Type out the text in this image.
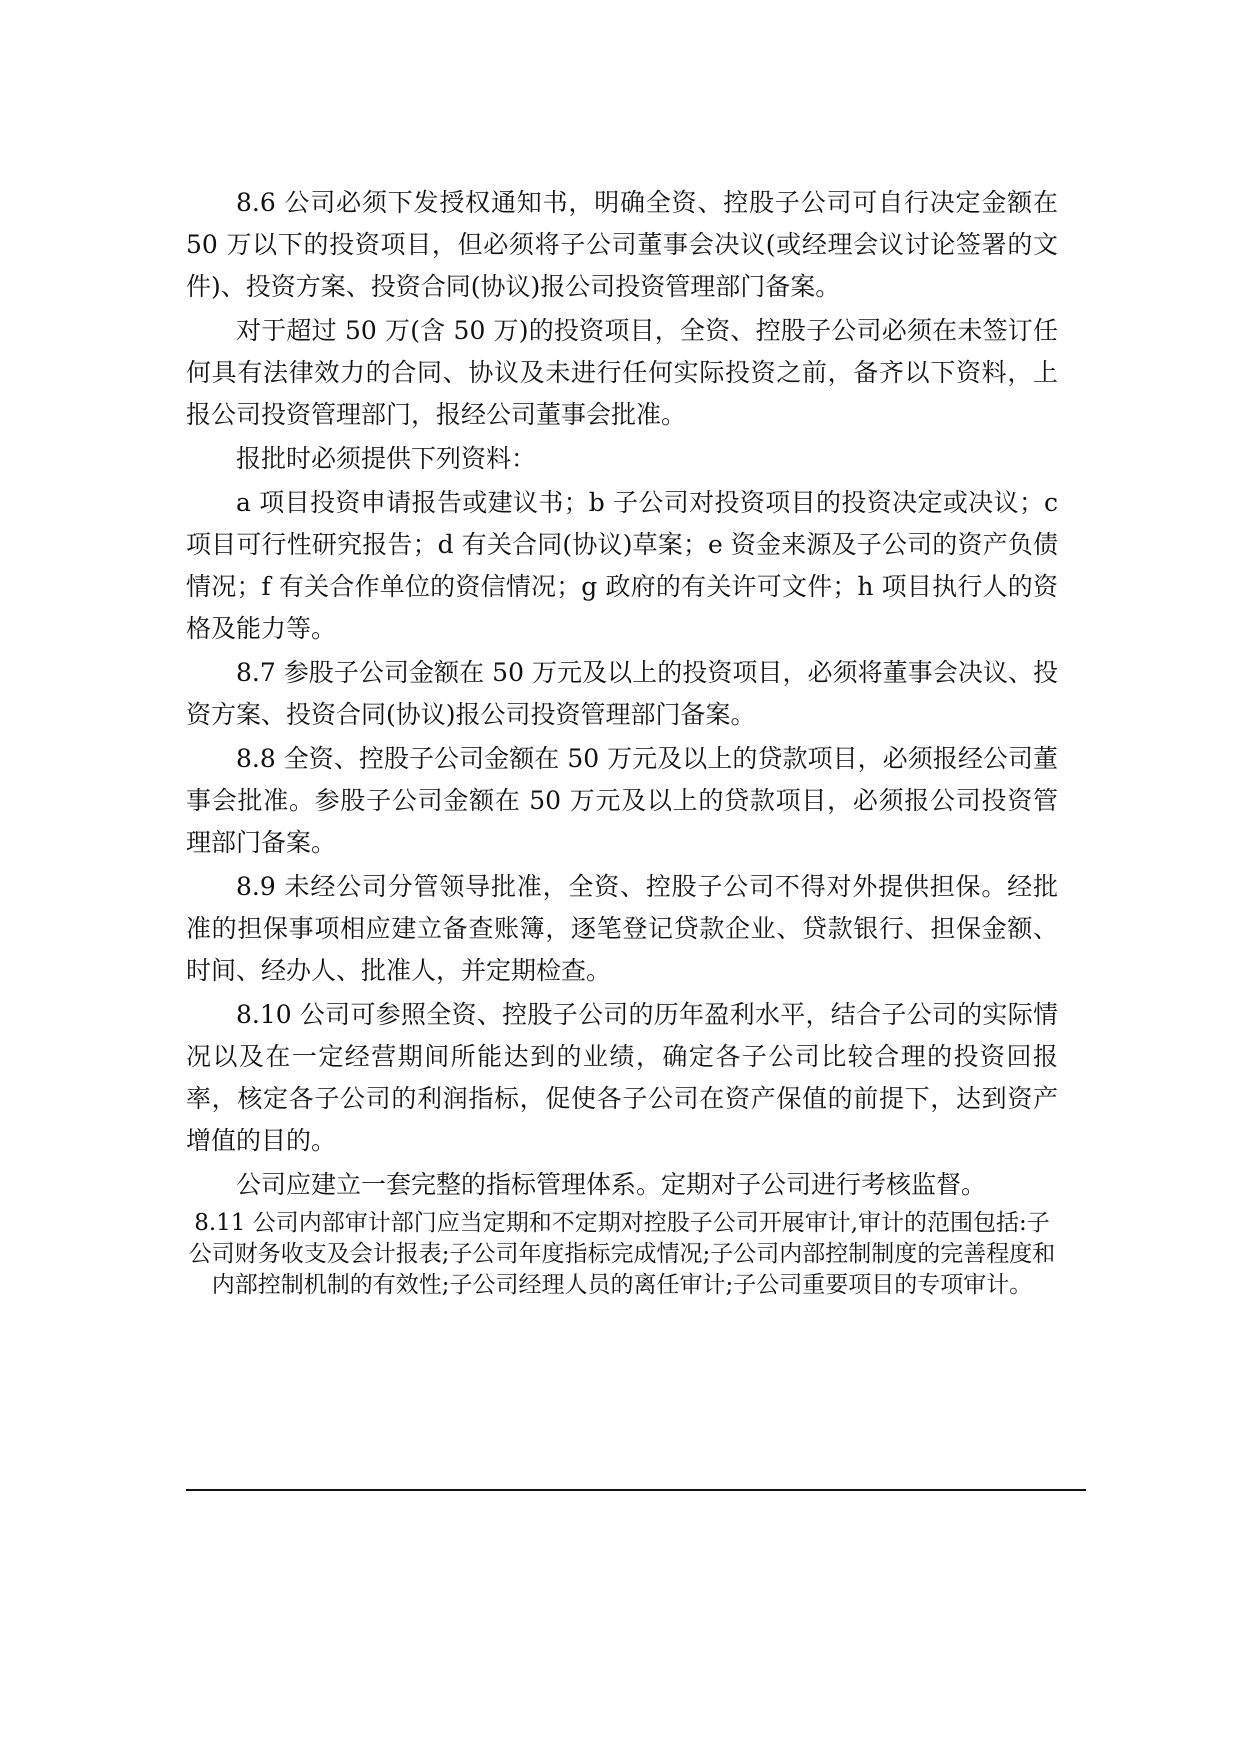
8.6 公司必须下发授权通知书，明确全资、控股子公司可自行决定金额在 50 万以下的投资项目，但必须将子公司董事会决议(或经理会议讨论签署的文件)、投资方案、投资合同(协议)报公司投资管理部门备案。

对于超过 50 万(含 50 万)的投资项目，全资、控股子公司必须在未签订任何具有法律效力的合同、协议及未进行任何实际投资之前，备齐以下资料，上报公司投资管理部门，报经公司董事会批准。

报批时必须提供下列资料：

a 项目投资申请报告或建议书；b 子公司对投资项目的投资决定或决议；c 项目可行性研究报告；d 有关合同(协议)草案；e 资金来源及子公司的资产负债情况；f 有关合作单位的资信情况；g 政府的有关许可文件；h 项目执行人的资格及能力等。

8.7 参股子公司金额在 50 万元及以上的投资项目，必须将董事会决议、投资方案、投资合同(协议)报公司投资管理部门备案。

8.8 全资、控股子公司金额在 50 万元及以上的贷款项目，必须报经公司董事会批准。参股子公司金额在 50 万元及以上的贷款项目，必须报公司投资管理部门备案。

8.9 未经公司分管领导批准，全资、控股子公司不得对外提供担保。经批准的担保事项相应建立备查账簿，逐笔登记贷款企业、贷款银行、担保金额、时间、经办人、批准人，并定期检查。

8.10 公司可参照全资、控股子公司的历年盈利水平，结合子公司的实际情况以及在一定经营期间所能达到的业绩，确定各子公司比较合理的投资回报率，核定各子公司的利润指标，促使各子公司在资产保值的前提下，达到资产增值的目的。

公司应建立一套完整的指标管理体系。定期对子公司进行考核监督。

8.11 公司内部审计部门应当定期和不定期对控股子公司开展审计,审计的范围包括:子公司财务收支及会计报表;子公司年度指标完成情况;子公司内部控制制度的完善程度和内部控制机制的有效性;子公司经理人员的离任审计;子公司重要项目的专项审计。
